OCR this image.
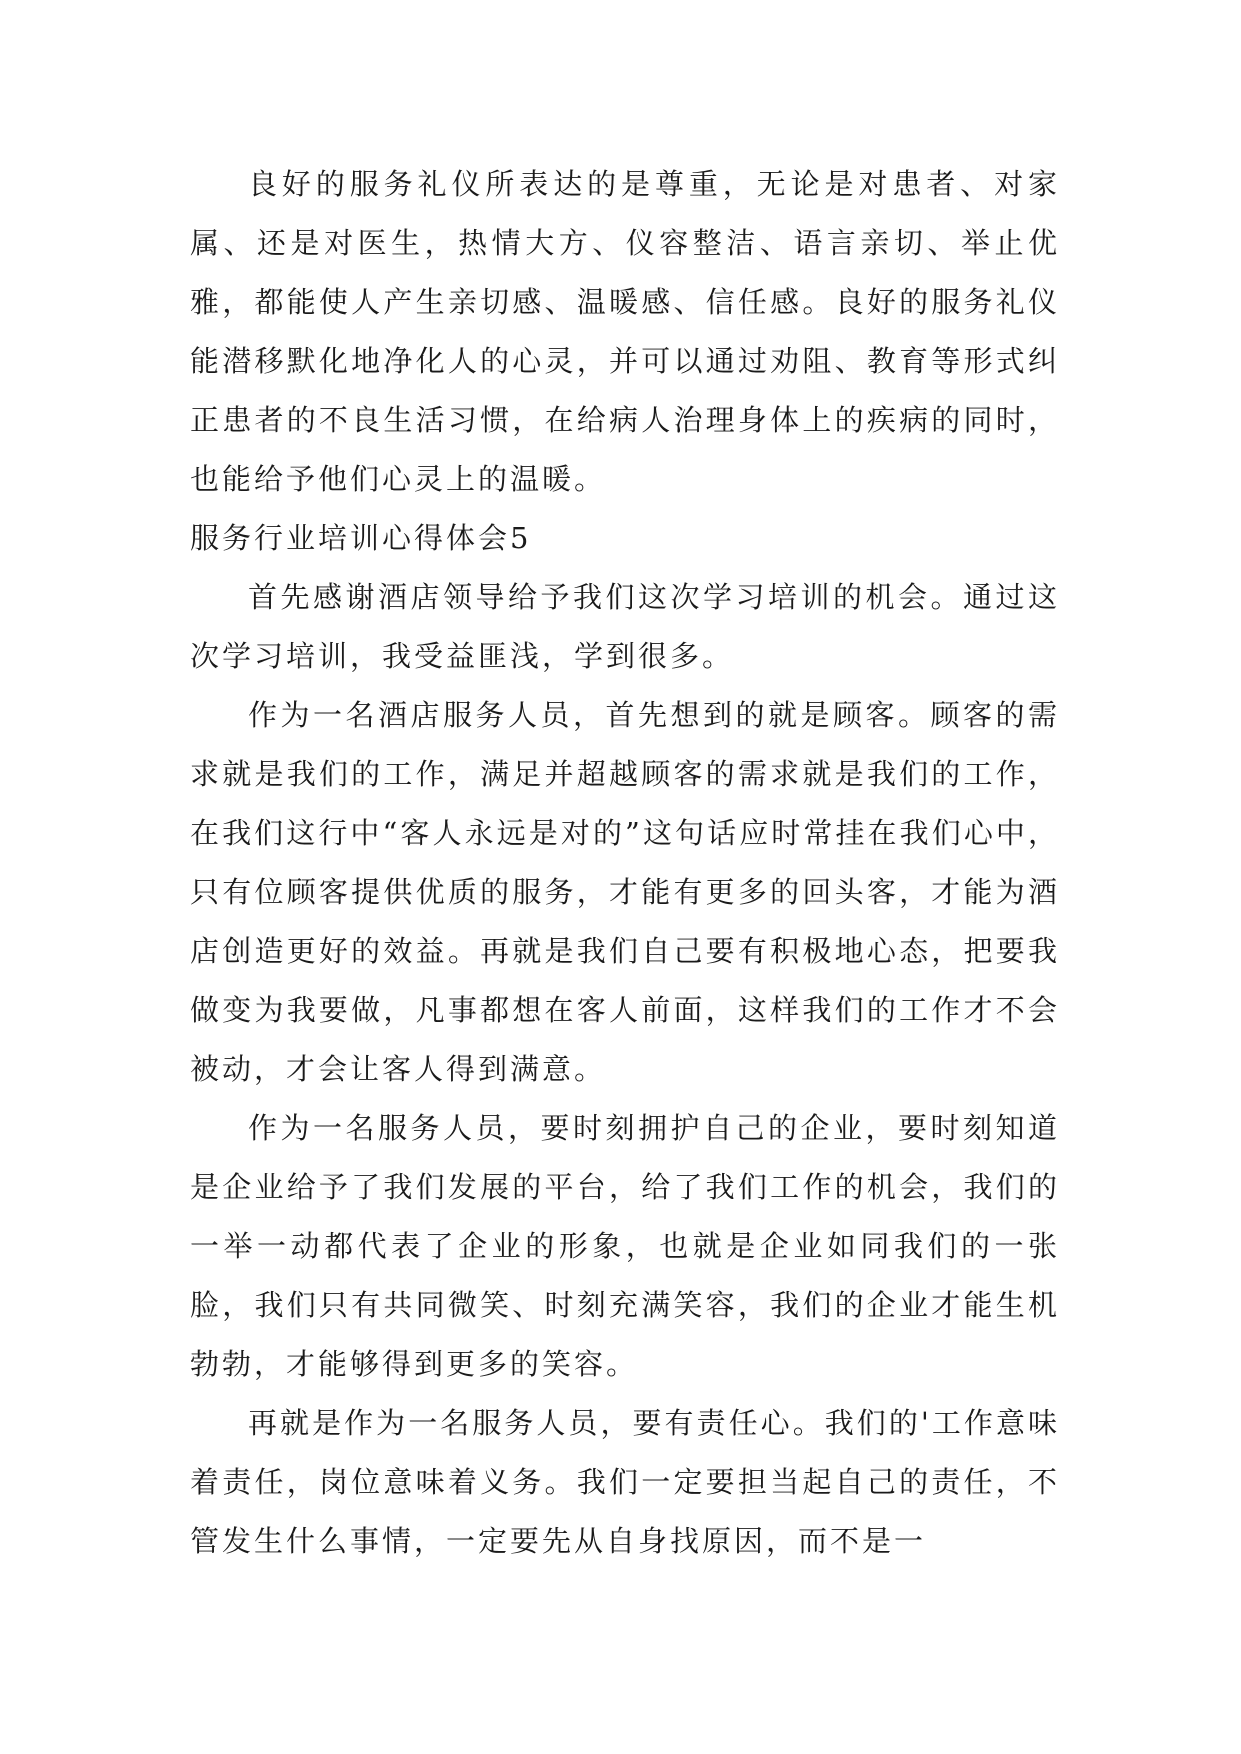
良好的服务礼仪所表达的是尊重，无论是对患者、对家属、还是对医生，热情大方、仪容整洁、语言亲切、举止优雅，都能使人产生亲切感、温暖感、信任感。良好的服务礼仪能潜移默化地净化人的心灵，并可以通过劝阻、教育等形式纠正患者的不良生活习惯，在给病人治理身体上的疾病的同时，也能给予他们心灵上的温暖。

服务行业培训心得体会5

首先感谢酒店领导给予我们这次学习培训的机会。通过这次学习培训，我受益匪浅，学到很多。

作为一名酒店服务人员，首先想到的就是顾客。顾客的需求就是我们的工作，满足并超越顾客的需求就是我们的工作，在我们这行中“客人永远是对的”这句话应时常挂在我们心中，只有位顾客提供优质的服务，才能有更多的回头客，才能为酒店创造更好的效益。再就是我们自己要有积极地心态，把要我做变为我要做，凡事都想在客人前面，这样我们的工作才不会被动，才会让客人得到满意。

作为一名服务人员，要时刻拥护自己的企业，要时刻知道是企业给予了我们发展的平台，给了我们工作的机会，我们的一举一动都代表了企业的形象，也就是企业如同我们的一张脸，我们只有共同微笑、时刻充满笑容，我们的企业才能生机勃勃，才能够得到更多的笑容。

再就是作为一名服务人员，要有责任心。我们的'工作意味着责任，岗位意味着义务。我们一定要担当起自己的责任，不管发生什么事情，一定要先从自身找原因，而不是一
